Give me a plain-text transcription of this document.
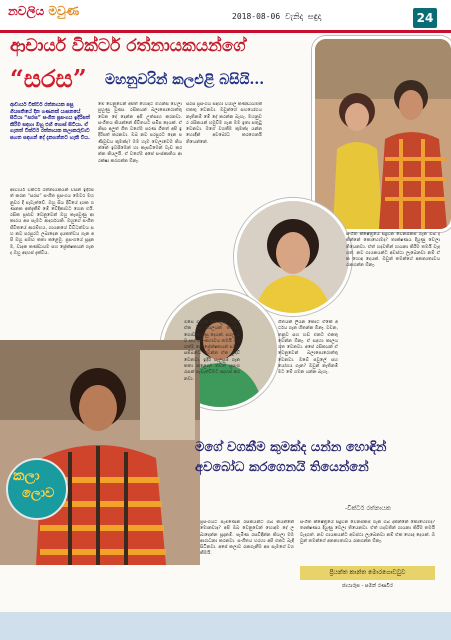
නවලිය මවුණ	2018-08-06 වැනිදා සඳුදා	24
ආචාර්ය වික්ටර් රත්නායකයන්ගේ
“සරස” මහනුවරින් කලඑළි බසියි...
ආචාර්ය වික්ටර් රත්නායක පසු ගියසතියේ දින ගණනක් යාපනයේ සිටියා “සරස” සංගීත ප්‍රසංගය ඉදිරිපත් කිරීම සඳහා ඔහු එහි ගොස් සිටියා. ඒ ගැනත් වික්ටර් රත්නායක කලාකරුවාට පහත සඳහන් දේ දැනගන්නට හැකි විය.
ආචාර්ය වික්ටර් රත්නායකයන් විසින් ඉදිරිපත් කරන “සරස” සංගීත ප්‍රසංගය මෙවර මහනුවර දී පැවැත්වේ. ඔහු සිය දිවියේ දශක ගණනක අත්දැකීම් මේ වේදිකාවට ගෙන එයි. රසික ප්‍රජාව වෙනුවෙන් ඔහු කැපවුණු ආකාරය අප සැමට ආදර්ශයකි. ඔහුගේ සංගීත ජීවිතයේ ආරම්භය, ගායනයේ විවිධත්වය සහ නව පරපුරට ලබාදෙන දායකත්වය ගැන අපි ඔහු සමඟ කතා කළෙමු. ප්‍රසංගයේ සූදානම, වාදක කණ්ඩායම සහ ප්‍රේක්ෂකයන් ගැන ද ඔහු අදහස් දැක්වීය.
මේ වෙනුවෙන් අපිත් හොඳට මහන්සි වෙලා පුහුණු වුණා. රසිකයන් බලාපොරොත්තු වෙන දේ දෙන්න අපි උත්සාහ කරනවා. සංගීතය කියන්නේ ජීවිතයට සමීප දෙයක්. ඒ නිසා අලුත් ගීත වගේම පරණ ගීතත් අපි ඉදිරිපත් කරනවා. ඔබ නව පරපුරට දෙන පණිවුඩය කුමක්ද? මම හැම වෙලාවෙම කියන්නේ ඉවසීමෙන් හා කැපවීමෙන් වැඩ කරන්න කියලයි. ඒ වගේම අපේ සංස්කෘතිය ආරක්ෂා කරගන්න ඕනෑ.
සරස ප්‍රසංගය සඳහා විශාල කණ්ඩායමක් එකතු වෙනවා. ඔවුන්ගේ සහයෝගය නැතිනම් මේ දේ කරන්න බැහැ. මහනුවර රසිකයන් හමුවීම ගැන මම ඉතා සතුටු වෙනවා. මගේ වගකීම කුමක්ද යන්න හොඳින් අවබෝධ කරගෙනයි තියෙන්නේ.
ඔබේ ගායන ශෛලිය ගැන? ඒක දිගු කාලයක් තිස්සේ ගොඩනැගුණු දෙයක්. සරල බව සහ අවංකභාවය තමයි වැදගත්ම දේ. ප්‍රේක්ෂකයන් සමඟ සම්බන්ධ වෙන්න ඒක උදව් වෙනවා. ඉදිරි සැලසුම් ගැන කතා කළොත් තවත් ප්‍රසංග රැසක් පැවැත්වීමට අදහස් කරනවා.
ගීතයක් ලියන කොට ඒකේ අර්ථය ගැන හිතන්න ඕනෑ. වචන, තනුව සහ හඬ එකට එකතු වෙන්න ඕනෑ. ඒ සඳහා කාලය ගත වෙනවා. අපේ රසිකයන් ඒ වෙනුවෙන් බලාපොරොත්තු වෙනවා. ඔබේ පවුලේ සහයෝගය ගැන? ඔවුන් නැතිනම් මට මේ ගමන යන්න බැහැ.
සංගීත ක්ෂේත්‍රයේ සිදුවන වෙනස්කම් ගැන ඔබ දකින්නේ කොහොමද? තාක්ෂණය දියුණු වෙලා තියෙනවා. ඒත් හදවතින් ගායනා කිරීම තමයි වැදගත්. නව ගායකයන්ට අවස්ථා ලැබෙනවා නම් ඒක හොඳ දෙයක්. ඔවුන් තමන්ගේ අනන්‍යතාවය රැකගන්න ඕනෑ.
ප්‍රසංගයට පැමිණෙන රසිකයන්ට ඔබ කියන්නේ මොනවාද? අපි ඔබ වෙනුවෙන් හොඳම දේ ලබාදෙන්න සූදානම්. පැමිණ රසවිඳින්න කියලා මම ආරාධනා කරනවා. සංගීතය හරහා අපි එකට බැඳී සිටිනවා. අපේ කලාව රැකගැනීම අප සැමගේ වගකීමයි.
සංගීත ක්ෂේත්‍රයේ සිදුවන වෙනස්කම් ගැන ඔබ දකින්නේ කොහොමද? තාක්ෂණය දියුණු වෙලා තියෙනවා. ඒත් හදවතින් ගායනා කිරීම තමයි වැදගත්. නව ගායකයන්ට අවස්ථා ලැබෙනවා නම් ඒක හොඳ දෙයක්. ඔවුන් තමන්ගේ අනන්‍යතාවය රැකගන්න ඕනෑ.
මගේ වගකීම කුමක්ද යන්න හොඳින් අවබෝධ කරගෙනයි තියෙන්නේ
-වික්ටර් රත්නායක
කලා
ලොව
ප්‍රියන්ත කාන්ත මොරගොඩවුව
ඡායාරූප - සමන් රණවීර
